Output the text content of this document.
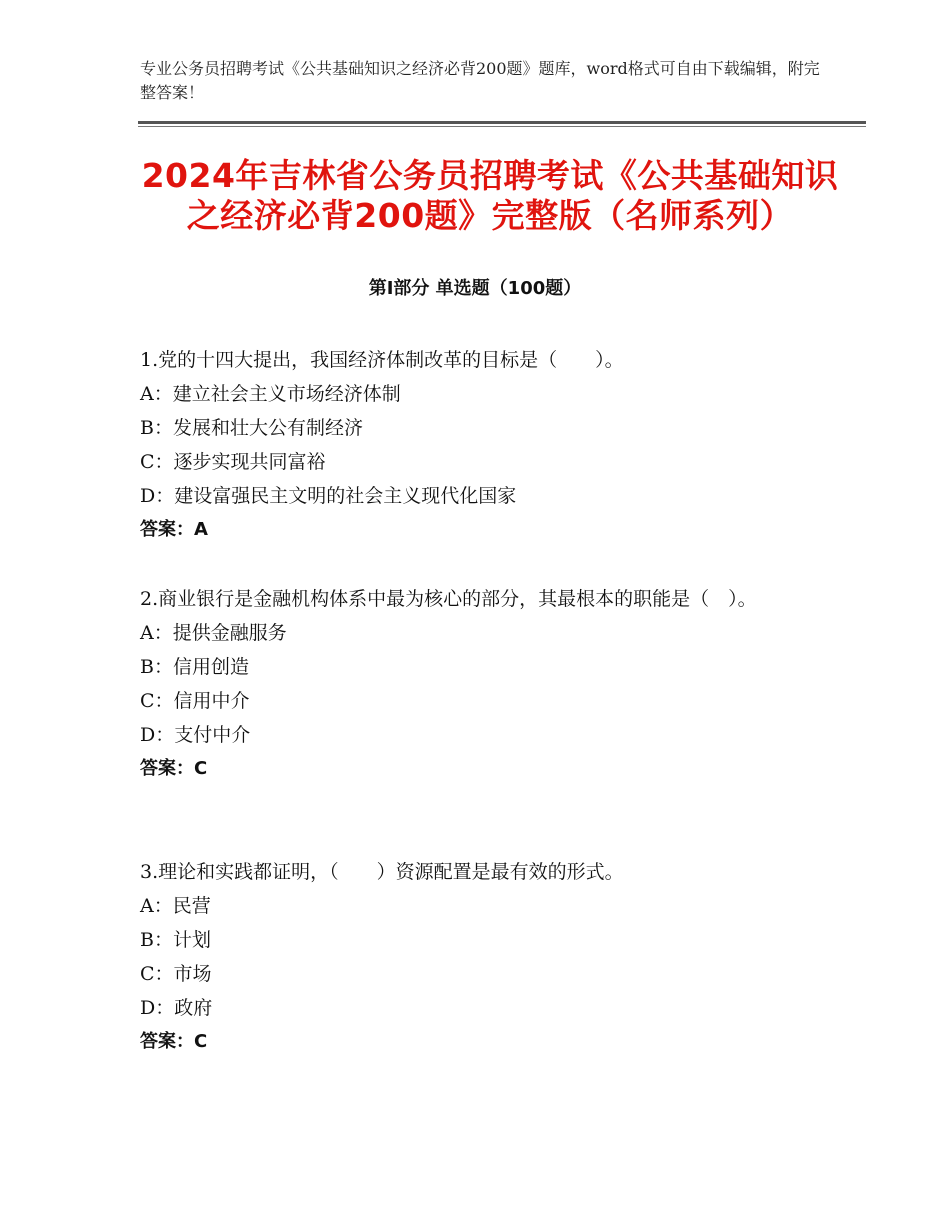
专业公务员招聘考试《公共基础知识之经济必背200题》题库，word格式可自由下载编辑，附完整答案！
2024年吉林省公务员招聘考试《公共基础知识之经济必背200题》完整版（名师系列）
第I部分 单选题（100题）
1.党的十四大提出，我国经济体制改革的目标是（　　）。
A：建立社会主义市场经济体制
B：发展和壮大公有制经济
C：逐步实现共同富裕
D：建设富强民主文明的社会主义现代化国家
答案：A
2.商业银行是金融机构体系中最为核心的部分，其最根本的职能是（　）。
A：提供金融服务
B：信用创造
C：信用中介
D：支付中介
答案：C
3.理论和实践都证明，（　　）资源配置是最有效的形式。
A：民营
B：计划
C：市场
D：政府
答案：C
